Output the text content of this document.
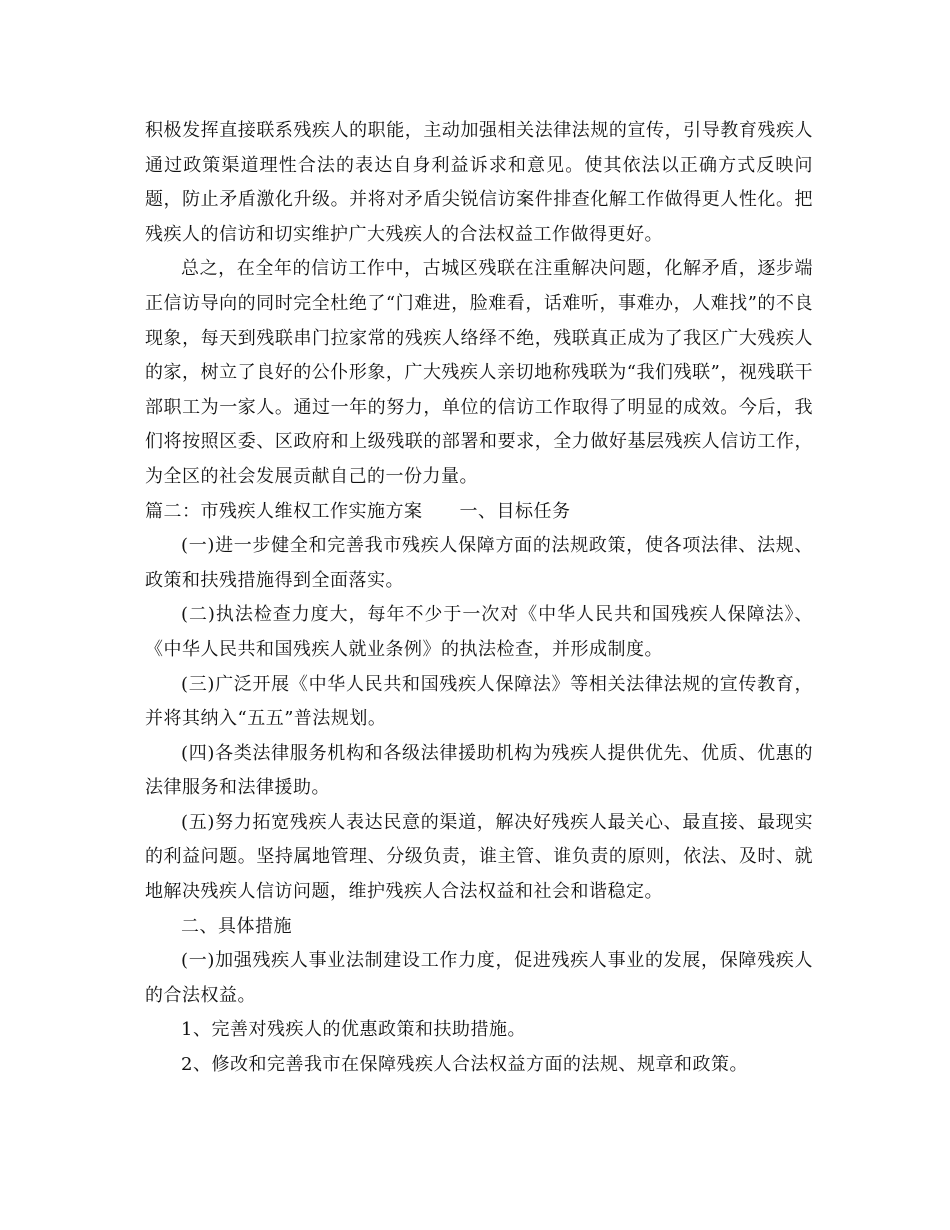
积极发挥直接联系残疾人的职能，主动加强相关法律法规的宣传，引导教育残疾人通过政策渠道理性合法的表达自身利益诉求和意见。使其依法以正确方式反映问题，防止矛盾激化升级。并将对矛盾尖锐信访案件排查化解工作做得更人性化。把残疾人的信访和切实维护广大残疾人的合法权益工作做得更好。

总之，在全年的信访工作中，古城区残联在注重解决问题，化解矛盾，逐步端正信访导向的同时完全杜绝了“门难进，脸难看，话难听，事难办，人难找”的不良现象，每天到残联串门拉家常的残疾人络绎不绝，残联真正成为了我区广大残疾人的家，树立了良好的公仆形象，广大残疾人亲切地称残联为“我们残联”，视残联干部职工为一家人。通过一年的努力，单位的信访工作取得了明显的成效。今后，我们将按照区委、区政府和上级残联的部署和要求，全力做好基层残疾人信访工作，为全区的社会发展贡献自己的一份力量。

篇二：市残疾人维权工作实施方案　　一、目标任务

(一)进一步健全和完善我市残疾人保障方面的法规政策，使各项法律、法规、政策和扶残措施得到全面落实。

(二)执法检查力度大，每年不少于一次对《中华人民共和国残疾人保障法》、《中华人民共和国残疾人就业条例》的执法检查，并形成制度。

(三)广泛开展《中华人民共和国残疾人保障法》等相关法律法规的宣传教育，并将其纳入“五五”普法规划。

(四)各类法律服务机构和各级法律援助机构为残疾人提供优先、优质、优惠的法律服务和法律援助。

(五)努力拓宽残疾人表达民意的渠道，解决好残疾人最关心、最直接、最现实的利益问题。坚持属地管理、分级负责，谁主管、谁负责的原则，依法、及时、就地解决残疾人信访问题，维护残疾人合法权益和社会和谐稳定。

二、具体措施

(一)加强残疾人事业法制建设工作力度，促进残疾人事业的发展，保障残疾人的合法权益。

1、完善对残疾人的优惠政策和扶助措施。

2、修改和完善我市在保障残疾人合法权益方面的法规、规章和政策。
